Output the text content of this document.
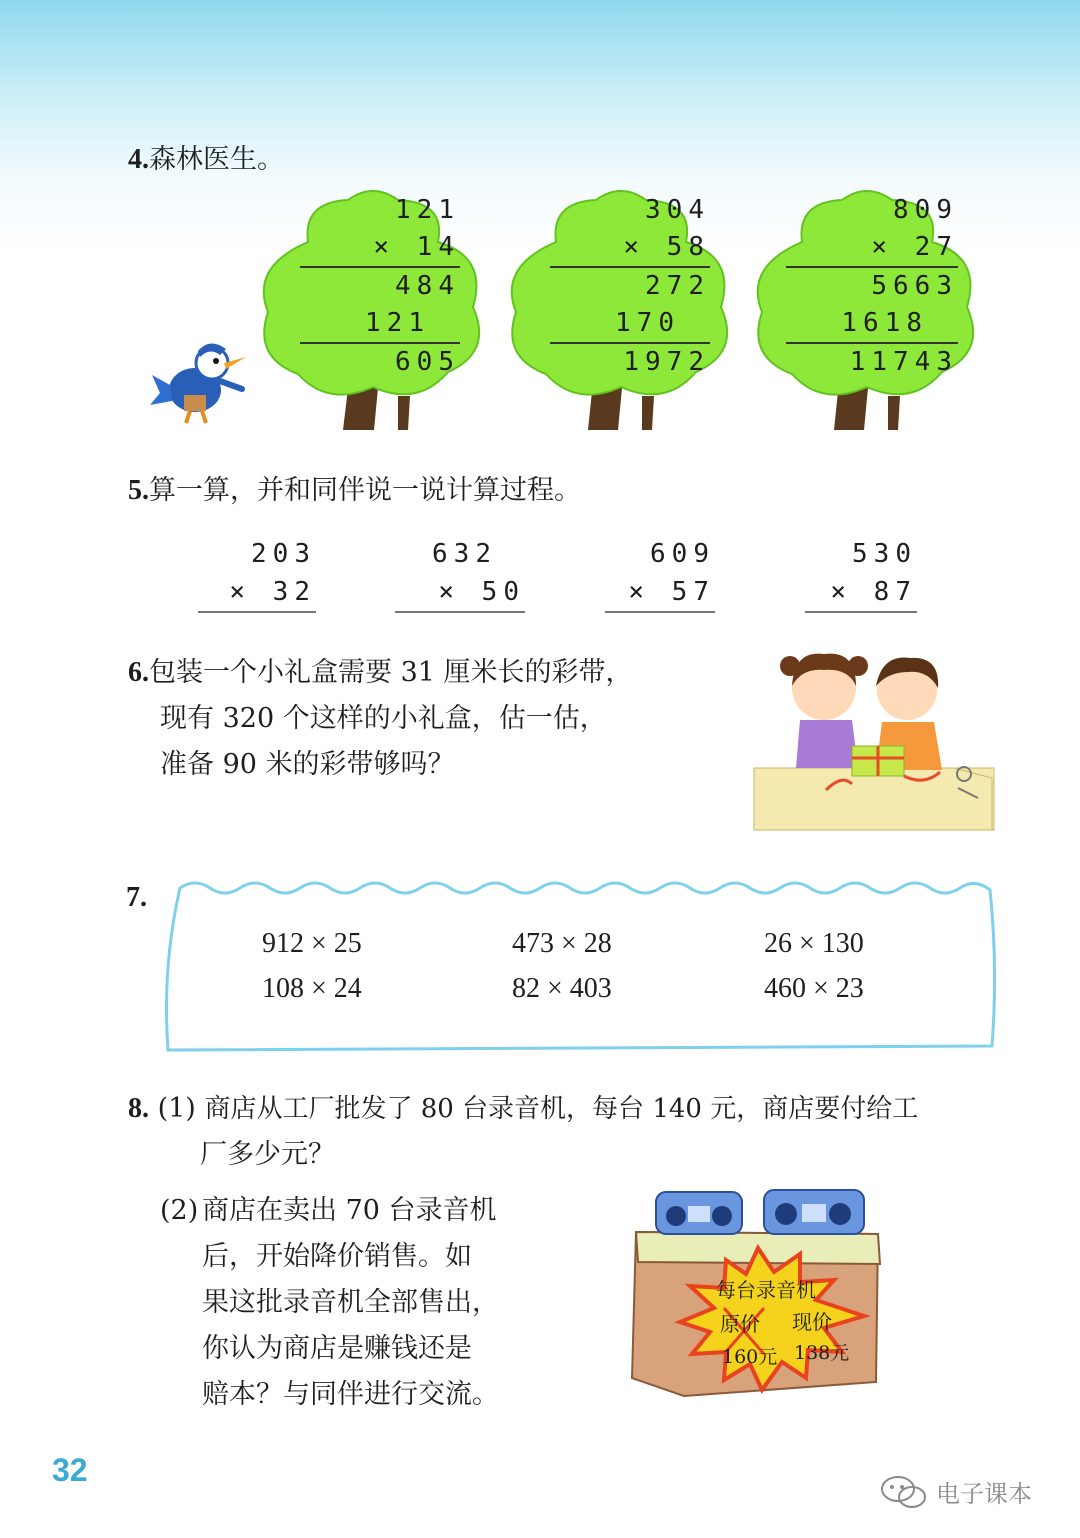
4.森林医生。
121
× 14
484
121
605
304
× 58
272
170
1972
809
× 27
5663
1618
11743
5.算一算，并和同伴说一说计算过程。
203
× 32
632
× 50
609
× 57
530
× 87
6.包装一个小礼盒需要 31 厘米长的彩带，
现有 320 个这样的小礼盒，估一估，
准备 90 米的彩带够吗？
7.
912 × 25	473 × 28	26 × 130
108 × 24	82 × 403	460 × 23
8. (1) 商店从工厂批发了 80 台录音机，每台 140 元，商店要付给工
厂多少元？
(2) 商店在卖出 70 台录音机
后，开始降价销售。如
果这批录音机全部售出，
你认为商店是赚钱还是
赔本？与同伴进行交流。
每台录音机
原价 现价
160元 138元
32
电子课本
